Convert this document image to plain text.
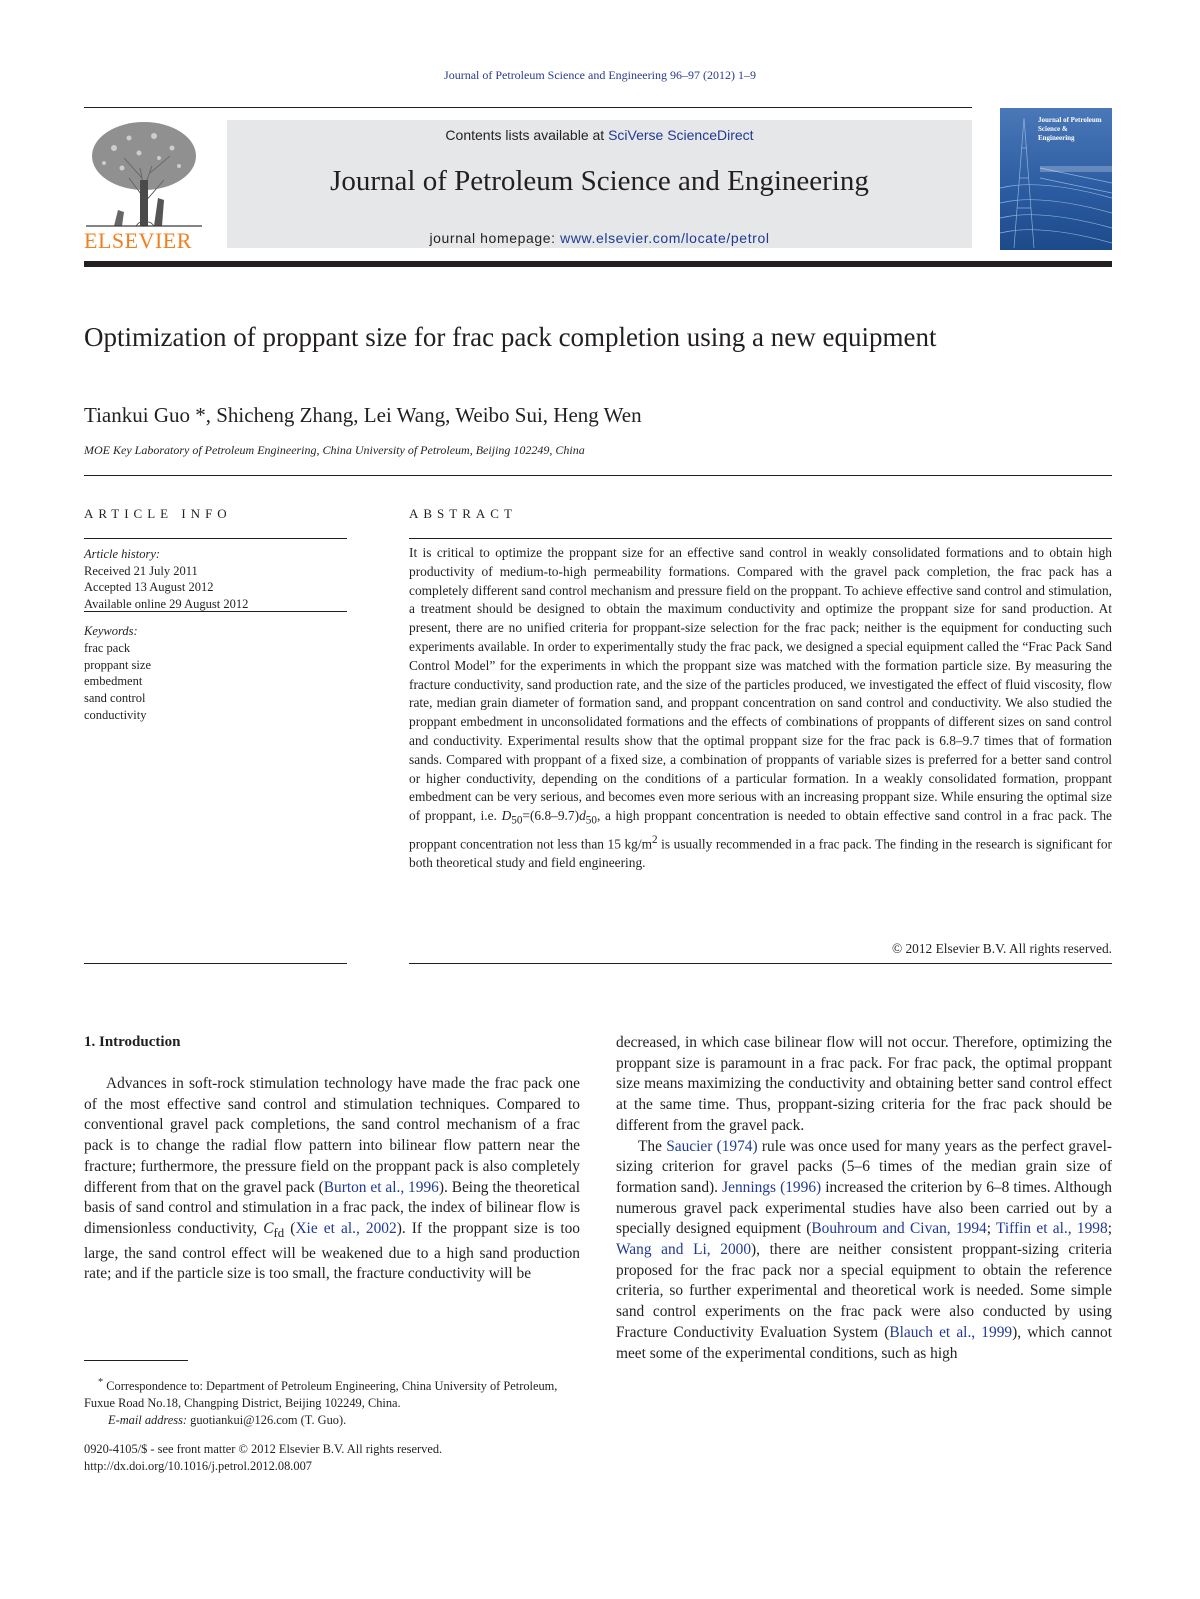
Journal of Petroleum Science and Engineering 96–97 (2012) 1–9
ELSEVIER
Contents lists available at SciVerse ScienceDirect
Journal of Petroleum Science and Engineering
journal homepage: www.elsevier.com/locate/petrol
Journal of Petroleum Science & Engineering
Optimization of proppant size for frac pack completion using a new equipment
Tiankui Guo *, Shicheng Zhang, Lei Wang, Weibo Sui, Heng Wen
MOE Key Laboratory of Petroleum Engineering, China University of Petroleum, Beijing 102249, China
ARTICLE INFO	ABSTRACT
Article history:
Received 21 July 2011
Accepted 13 August 2012
Available online 29 August 2012
Keywords:
frac pack
proppant size
embedment
sand control
conductivity
It is critical to optimize the proppant size for an effective sand control in weakly consolidated formations and to obtain high productivity of medium-to-high permeability formations. Compared with the gravel pack completion, the frac pack has a completely different sand control mechanism and pressure field on the proppant. To achieve effective sand control and stimulation, a treatment should be designed to obtain the maximum conductivity and optimize the proppant size for sand production. At present, there are no unified criteria for proppant-size selection for the frac pack; neither is the equipment for conducting such experiments available. In order to experimentally study the frac pack, we designed a special equipment called the “Frac Pack Sand Control Model” for the experiments in which the proppant size was matched with the formation particle size. By measuring the fracture conductivity, sand production rate, and the size of the particles produced, we investigated the effect of fluid viscosity, flow rate, median grain diameter of formation sand, and proppant concentration on sand control and conductivity. We also studied the proppant embedment in unconsolidated formations and the effects of combinations of proppants of different sizes on sand control and conductivity. Experimental results show that the optimal proppant size for the frac pack is 6.8–9.7 times that of formation sands. Compared with proppant of a fixed size, a combination of proppants of variable sizes is preferred for a better sand control or higher conductivity, depending on the conditions of a particular formation. In a weakly consolidated formation, proppant embedment can be very serious, and becomes even more serious with an increasing proppant size. While ensuring the optimal size of proppant, i.e. $D_{50}=(6.8-9.7)d_{50}$, a high proppant concentration is needed to obtain effective sand control in a frac pack. The proppant concentration not less than 15 $kg/m^2$ is usually recommended in a frac pack. The finding in the research is significant for both theoretical study and field engineering.
© 2012 Elsevier B.V. All rights reserved.
1. Introduction

Advances in soft-rock stimulation technology have made the frac pack one of the most effective sand control and stimulation techniques. Compared to conventional gravel pack completions, the sand control mechanism of a frac pack is to change the radial flow pattern into bilinear flow pattern near the fracture; furthermore, the pressure field on the proppant pack is also completely different from that on the gravel pack (Burton et al., 1996). Being the theoretical basis of sand control and stimulation in a frac pack, the index of bilinear flow is dimensionless conductivity, $C_{fd}$ (Xie et al., 2002). If the proppant size is too large, the sand control effect will be weakened due to a high sand production rate; and if the particle size is too small, the fracture conductivity will be

decreased, in which case bilinear flow will not occur. Therefore, optimizing the proppant size is paramount in a frac pack. For frac pack, the optimal proppant size means maximizing the conductivity and obtaining better sand control effect at the same time. Thus, proppant-sizing criteria for the frac pack should be different from the gravel pack.

The Saucier (1974) rule was once used for many years as the perfect gravel-sizing criterion for gravel packs (5–6 times of the median grain size of formation sand). Jennings (1996) increased the criterion by 6–8 times. Although numerous gravel pack experimental studies have also been carried out by a specially designed equipment (Bouhroum and Civan, 1994; Tiffin et al., 1998; Wang and Li, 2000), there are neither consistent proppant-sizing criteria proposed for the frac pack nor a special equipment to obtain the reference criteria, so further experimental and theoretical work is needed. Some simple sand control experiments on the frac pack were also conducted by using Fracture Conductivity Evaluation System (Blauch et al., 1999), which cannot meet some of the experimental conditions, such as high

* Correspondence to: Department of Petroleum Engineering, China University of Petroleum, Fuxue Road No.18, Changping District, Beijing 102249, China.
E-mail address: guotiankui@126.com (T. Guo).
0920-4105/$ - see front matter © 2012 Elsevier B.V. All rights reserved.
http://dx.doi.org/10.1016/j.petrol.2012.08.007
